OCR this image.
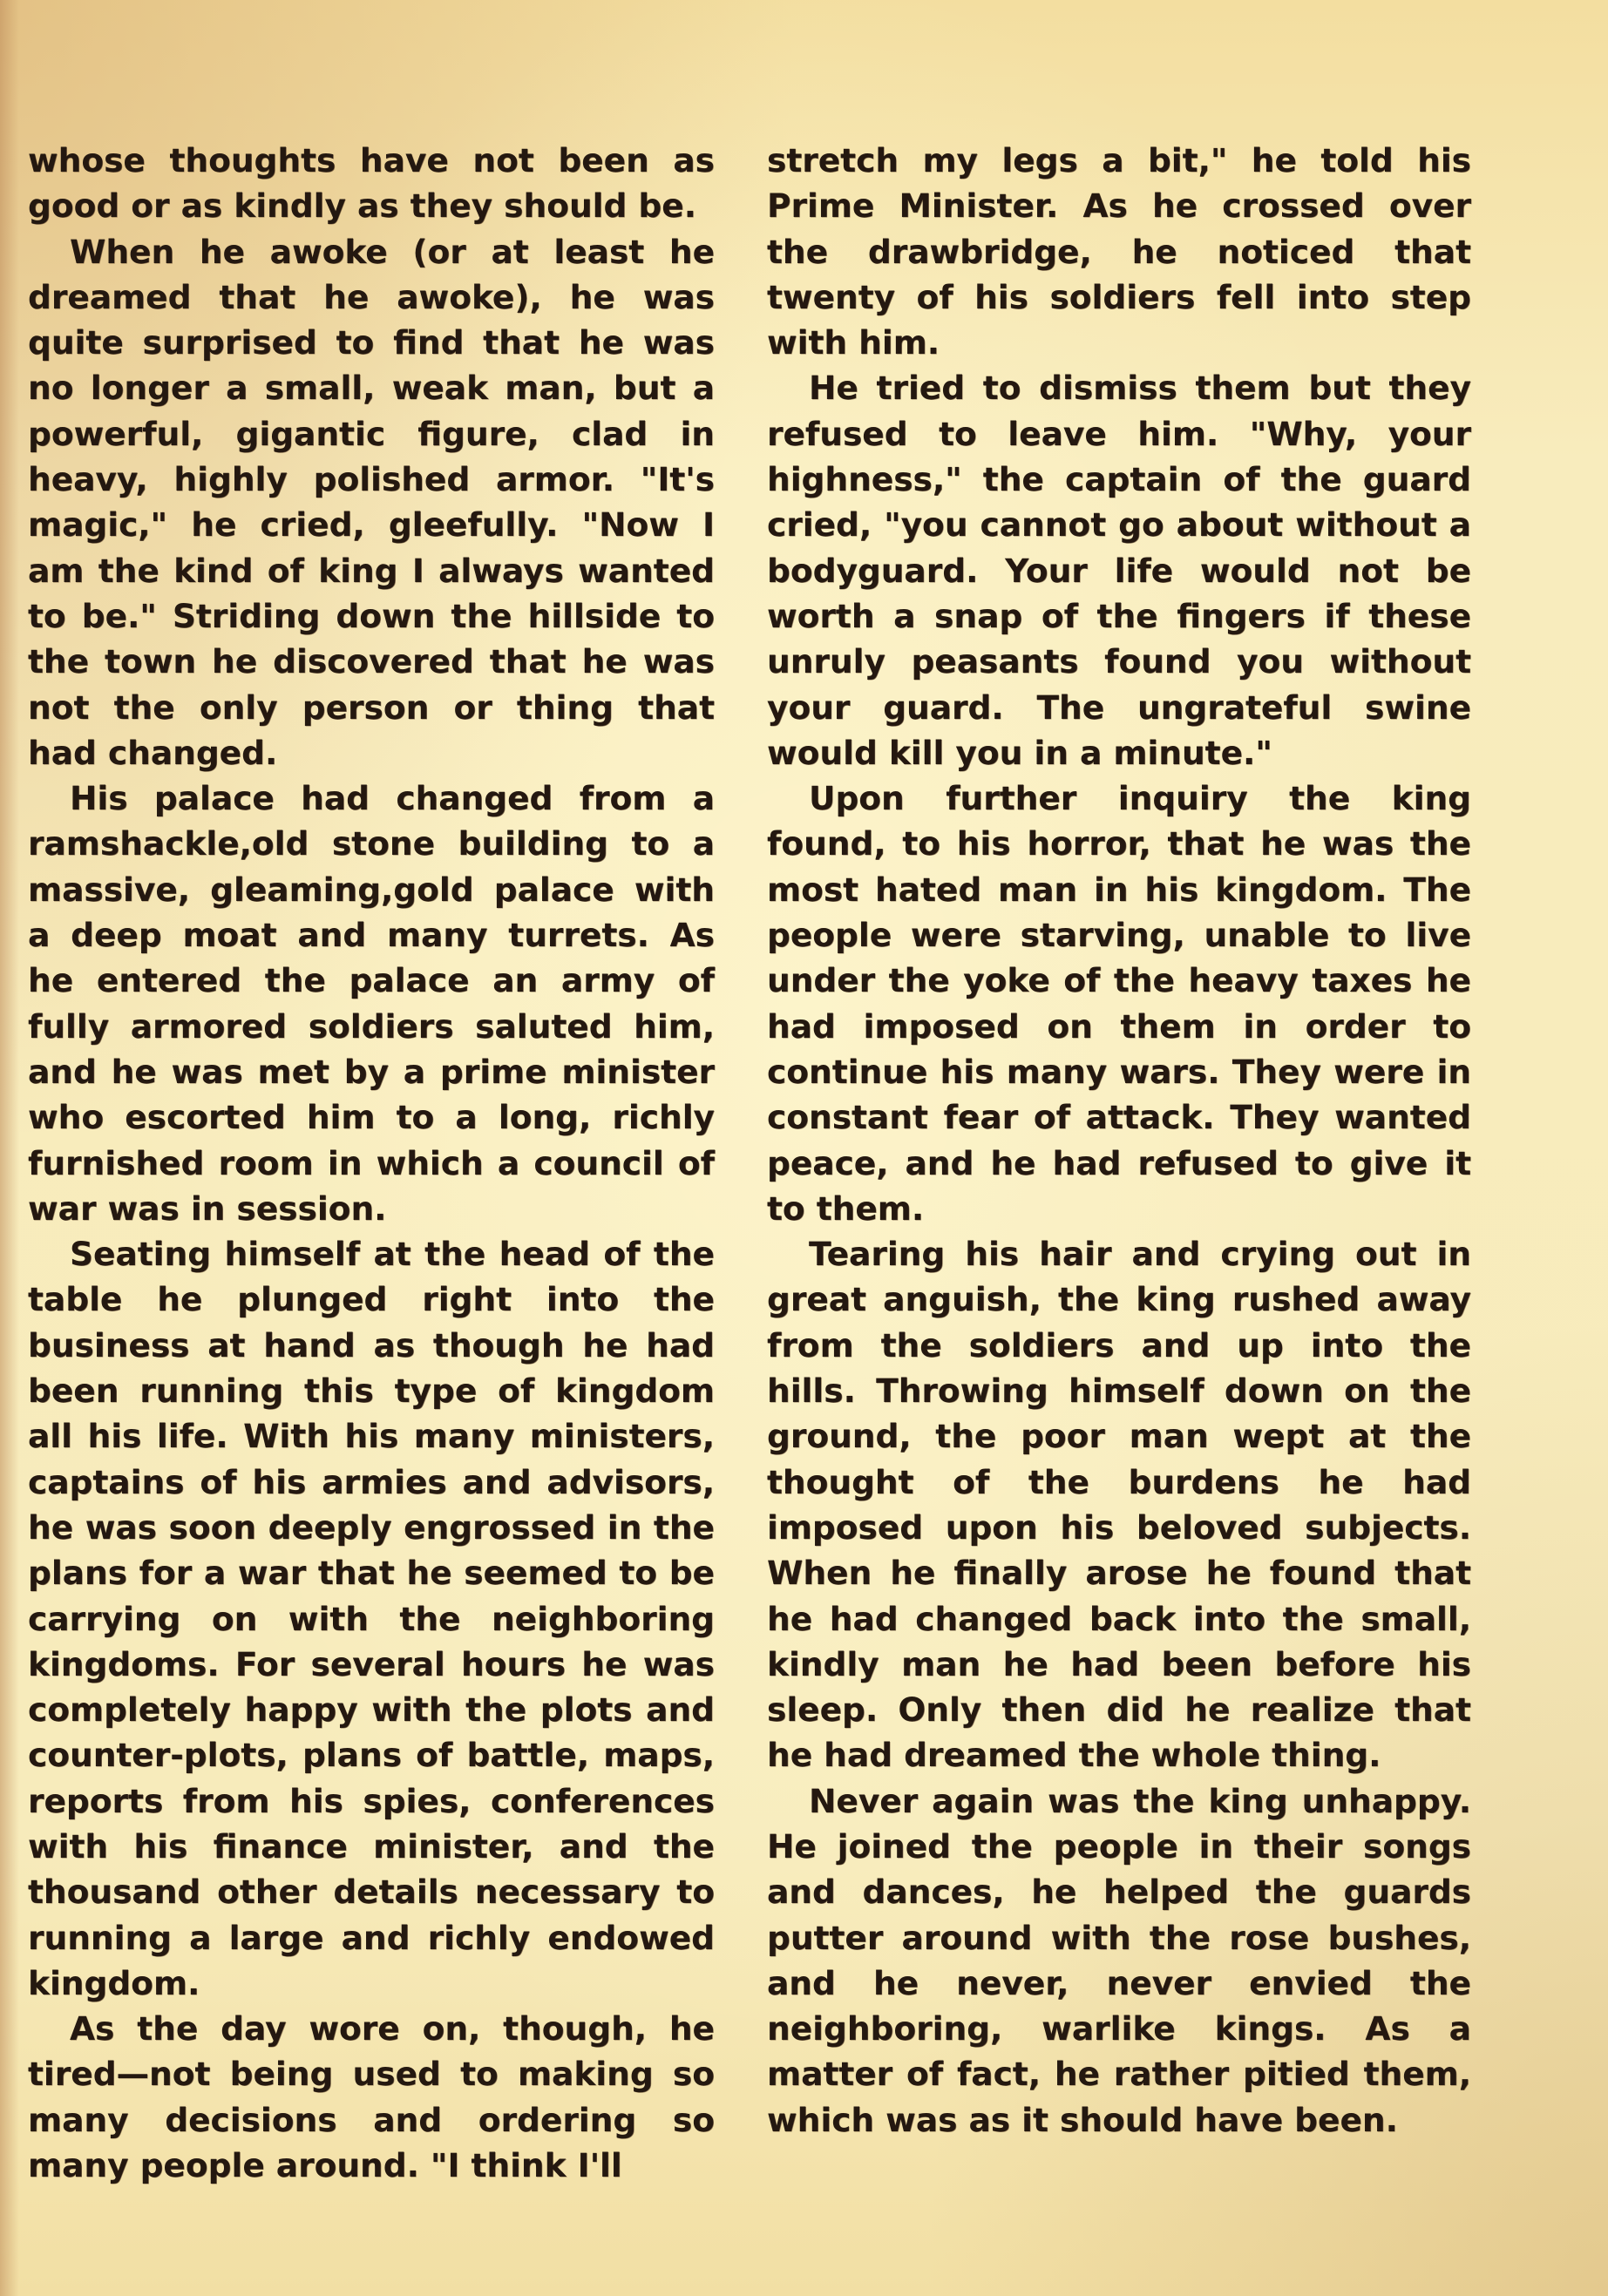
whose thoughts have not been as good or as kindly as they should be.

When he awoke (or at least he dreamed that he awoke), he was quite surprised to find that he was no longer a small, weak man, but a powerful, gigantic figure, clad in heavy, highly polished armor. "It's magic," he cried, gleefully. "Now I am the kind of king I always wanted to be." Striding down the hillside to the town he discovered that he was not the only person or thing that had changed.

His palace had changed from a ramshackle,old stone building to a massive, gleaming,gold palace with a deep moat and many turrets. As he entered the palace an army of fully armored soldiers saluted him, and he was met by a prime minister who escorted him to a long, richly furnished room in which a council of war was in session.

Seating himself at the head of the table he plunged right into the business at hand as though he had been running this type of kingdom all his life. With his many ministers, captains of his armies and advisors, he was soon deeply engrossed in the plans for a war that he seemed to be carrying on with the neighboring kingdoms. For several hours he was completely happy with the plots and counter-plots, plans of battle, maps, reports from his spies, conferences with his finance minister, and the thousand other details necessary to running a large and richly endowed kingdom.

As the day wore on, though, he tired—not being used to making so many decisions and ordering so many people around. "I think I'll

stretch my legs a bit," he told his Prime Minister. As he crossed over the drawbridge, he noticed that twenty of his soldiers fell into step with him.

He tried to dismiss them but they refused to leave him. "Why, your highness," the captain of the guard cried, "you cannot go about without a bodyguard. Your life would not be worth a snap of the fingers if these unruly peasants found you without your guard. The ungrateful swine would kill you in a minute."

Upon further inquiry the king found, to his horror, that he was the most hated man in his kingdom. The people were starving, unable to live under the yoke of the heavy taxes he had imposed on them in order to continue his many wars. They were in constant fear of attack. They wanted peace, and he had refused to give it to them.

Tearing his hair and crying out in great anguish, the king rushed away from the soldiers and up into the hills. Throwing himself down on the ground, the poor man wept at the thought of the burdens he had imposed upon his beloved subjects. When he finally arose he found that he had changed back into the small, kindly man he had been before his sleep. Only then did he realize that he had dreamed the whole thing.

Never again was the king unhappy. He joined the people in their songs and dances, he helped the guards putter around with the rose bushes, and he never, never envied the neighboring, warlike kings. As a matter of fact, he rather pitied them, which was as it should have been.
